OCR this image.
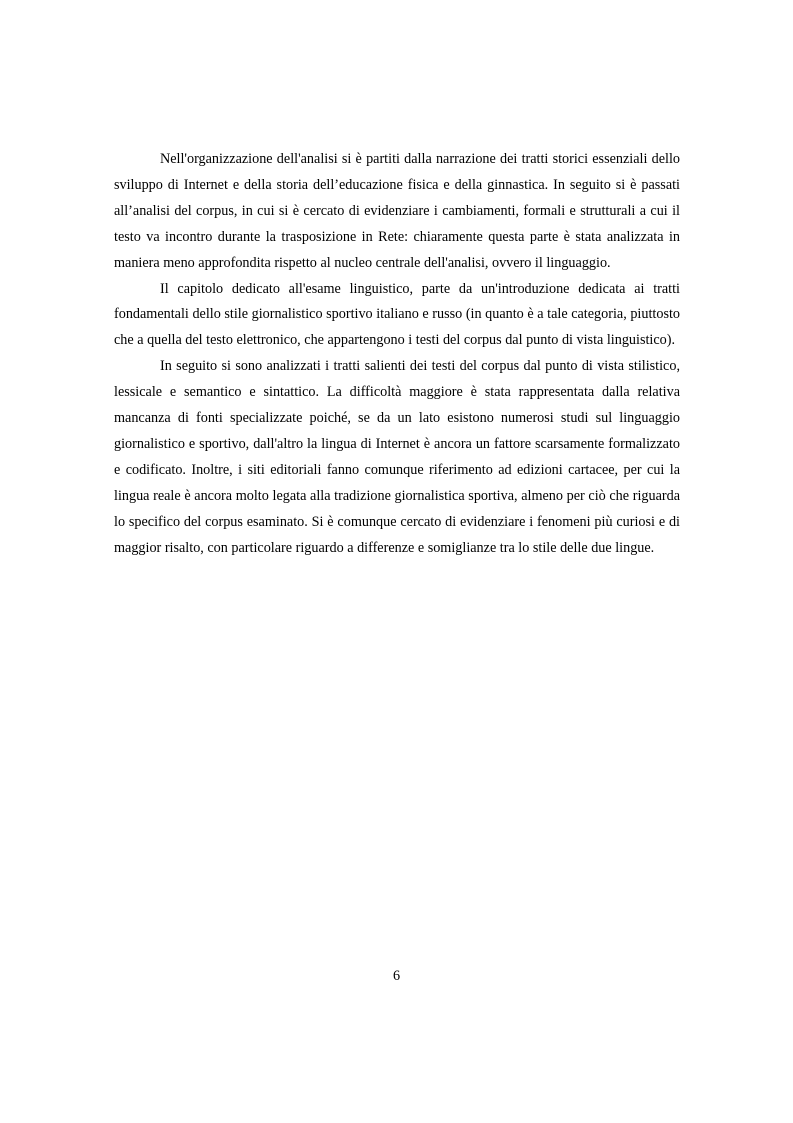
Nell'organizzazione dell'analisi si è partiti dalla narrazione dei tratti storici essenziali dello sviluppo di Internet e della storia dell’educazione fisica e della ginnastica. In seguito si è passati all’analisi del corpus, in cui si è cercato di evidenziare i cambiamenti, formali e strutturali a cui il testo va incontro durante la trasposizione in Rete: chiaramente questa parte è stata analizzata in maniera meno approfondita rispetto al nucleo centrale dell'analisi, ovvero il linguaggio.

Il capitolo dedicato all'esame linguistico, parte da un'introduzione dedicata ai tratti fondamentali dello stile giornalistico sportivo italiano e russo (in quanto è a tale categoria, piuttosto che a quella del testo elettronico, che appartengono i testi del corpus dal punto di vista linguistico).

In seguito si sono analizzati i tratti salienti dei testi del corpus dal punto di vista stilistico, lessicale e semantico e sintattico. La difficoltà maggiore è stata rappresentata dalla relativa mancanza di fonti specializzate poiché, se da un lato esistono numerosi studi sul linguaggio giornalistico e sportivo, dall'altro la lingua di Internet è ancora un fattore scarsamente formalizzato e codificato. Inoltre, i siti editoriali fanno comunque riferimento ad edizioni cartacee, per cui la lingua reale è ancora molto legata alla tradizione giornalistica sportiva, almeno per ciò che riguarda lo specifico del corpus esaminato. Si è comunque cercato di evidenziare i fenomeni più curiosi e di maggior risalto, con particolare riguardo a differenze e somiglianze tra lo stile delle due lingue.

6
